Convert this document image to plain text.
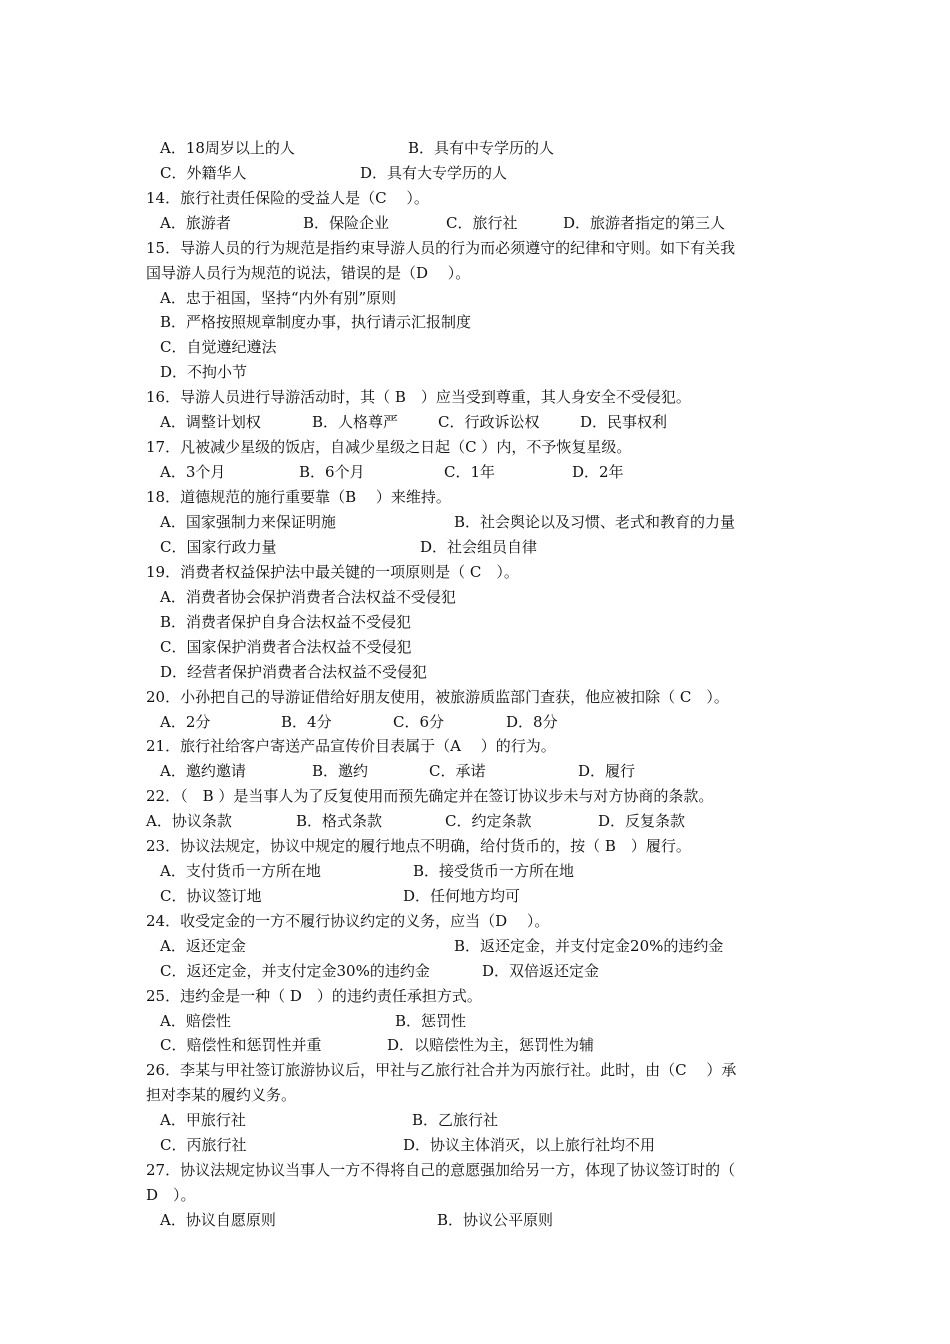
A．18周岁以上的人	B．具有中专学历的人
C．外籍华人	D．具有大专学历的人
14．旅行社责任保险的受益人是（C　 ）。
A．旅游者	B．保险企业	C．旅行社	D．旅游者指定的第三人
15．导游人员的行为规范是指约束导游人员的行为而必须遵守的纪律和守则。如下有关我
国导游人员行为规范的说法，错误的是（D　 ）。
A．忠于祖国，坚持“内外有别”原则
B．严格按照规章制度办事，执行请示汇报制度
C．自觉遵纪遵法
D．不拘小节
16．导游人员进行导游活动时，其（ B　）应当受到尊重，其人身安全不受侵犯。
A．调整计划权	B．人格尊严	C．行政诉讼权	D．民事权利
17．凡被减少星级的饭店，自减少星级之日起（C ）内，不予恢复星级。
A．3个月	B．6个月	C．1年	D．2年
18．道德规范的施行重要靠（B　 ）来维持。
A．国家强制力来保证明施	B．社会舆论以及习惯、老式和教育的力量
C．国家行政力量	D．社会组员自律
19．消费者权益保护法中最关键的一项原则是（ C　）。
A．消费者协会保护消费者合法权益不受侵犯
B．消费者保护自身合法权益不受侵犯
C．国家保护消费者合法权益不受侵犯
D．经营者保护消费者合法权益不受侵犯
20．小孙把自己的导游证借给好朋友使用，被旅游质监部门查获，他应被扣除（ C　）。
A．2分	B．4分	C．6分	D．8分
21．旅行社给客户寄送产品宣传价目表属于（A　 ）的行为。
A．邀约邀请	B．邀约	C．承诺	D．履行
22．（　B ）是当事人为了反复使用而预先确定并在签订协议步未与对方协商的条款。
A．协议条款	B．格式条款	C．约定条款	D．反复条款
23．协议法规定，协议中规定的履行地点不明确，给付货币的，按（ B　）履行。
A．支付货币一方所在地	B．接受货币一方所在地
C．协议签订地	D．任何地方均可
24．收受定金的一方不履行协议约定的义务，应当（D　 ）。
A．返还定金	B．返还定金，并支付定金20%的违约金
C．返还定金，并支付定金30%的违约金	D．双倍返还定金
25．违约金是一种（ D　）的违约责任承担方式。
A．赔偿性	B．惩罚性
C．赔偿性和惩罚性并重	D．以赔偿性为主，惩罚性为辅
26．李某与甲社签订旅游协议后，甲社与乙旅行社合并为丙旅行社。此时，由（C　 ）承
担对李某的履约义务。
A．甲旅行社	B．乙旅行社
C．丙旅行社	D．协议主体消灭，以上旅行社均不用
27．协议法规定协议当事人一方不得将自己的意愿强加给另一方，体现了协议签订时的（
D　）。
A．协议自愿原则	B．协议公平原则
